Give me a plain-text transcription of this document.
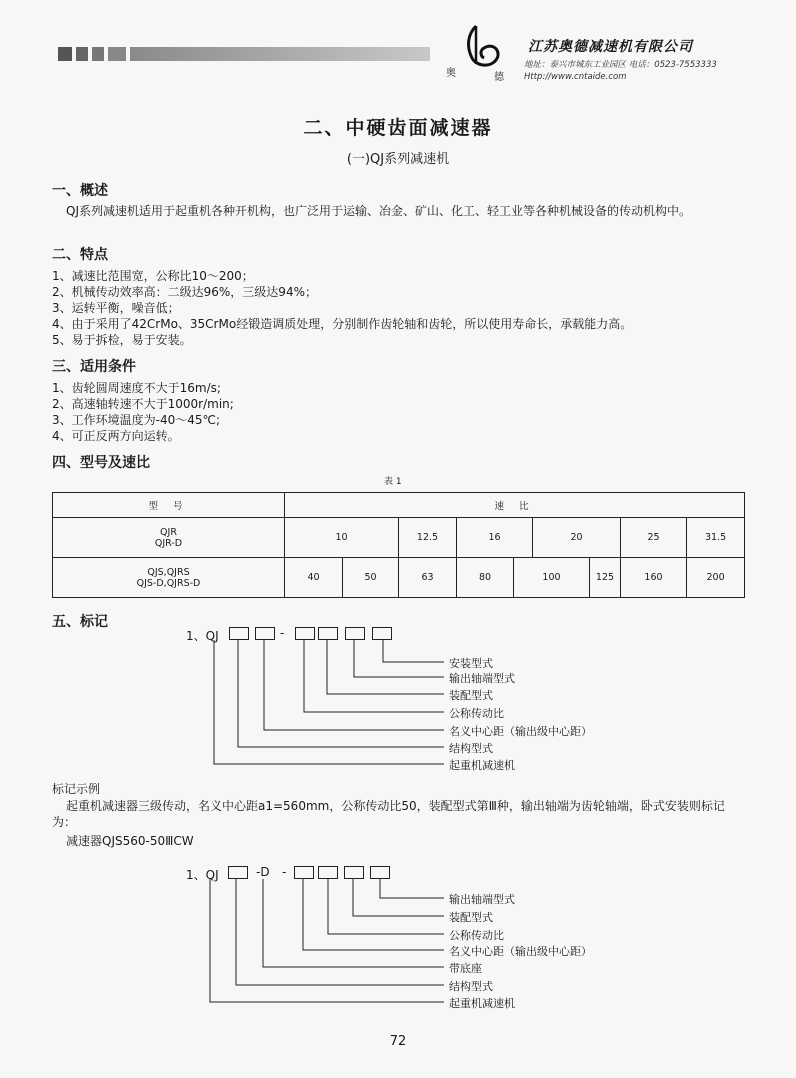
奥	德
江苏奥德减速机有限公司
地址：泰兴市城东工业园区 电话：0523-7553333
Http://www.cntaide.com
二、中硬齿面减速器
(一)QJ系列减速机
一、概述
QJ系列减速机适用于起重机各种开机构，也广泛用于运输、冶金、矿山、化工、轻工业等各种机械设备的传动机构中。
二、特点
1、减速比范围宽，公称比10～200；
2、机械传动效率高：二级达96%，三级达94%；
3、运转平衡，噪音低；
4、由于采用了42CrMo、35CrMo经锻造调质处理，分别制作齿轮轴和齿轮，所以使用寿命长，承载能力高。
5、易于拆检，易于安装。
三、适用条件
1、齿轮圆周速度不大于16m/s;
2、高速轴转速不大于1000r/min;
3、工作环境温度为-40～45℃;
4、可正反两方向运转。
四、型号及速比
表 1
型 号	速 比								
QJR
QJR-D	10		12.5	16		20		25	31.5
QJS,QJRS
QJS-D,QJRS-D	40	50	63	80	100		125	160	200
五、标记
1、QJ	-
安装型式
输出轴端型式
装配型式
公称传动比
名义中心距（输出级中心距）
结构型式
起重机减速机
标记示例
起重机减速器三级传动，名义中心距a1=560mm，公称传动比50，装配型式第Ⅲ种，输出轴端为齿轮轴端，卧式安装则标记为：
减速器QJS560-50ⅢCW
1、QJ	-D -
输出轴端型式
装配型式
公称传动比
名义中心距（输出级中心距）
带底座
结构型式
起重机减速机
72
